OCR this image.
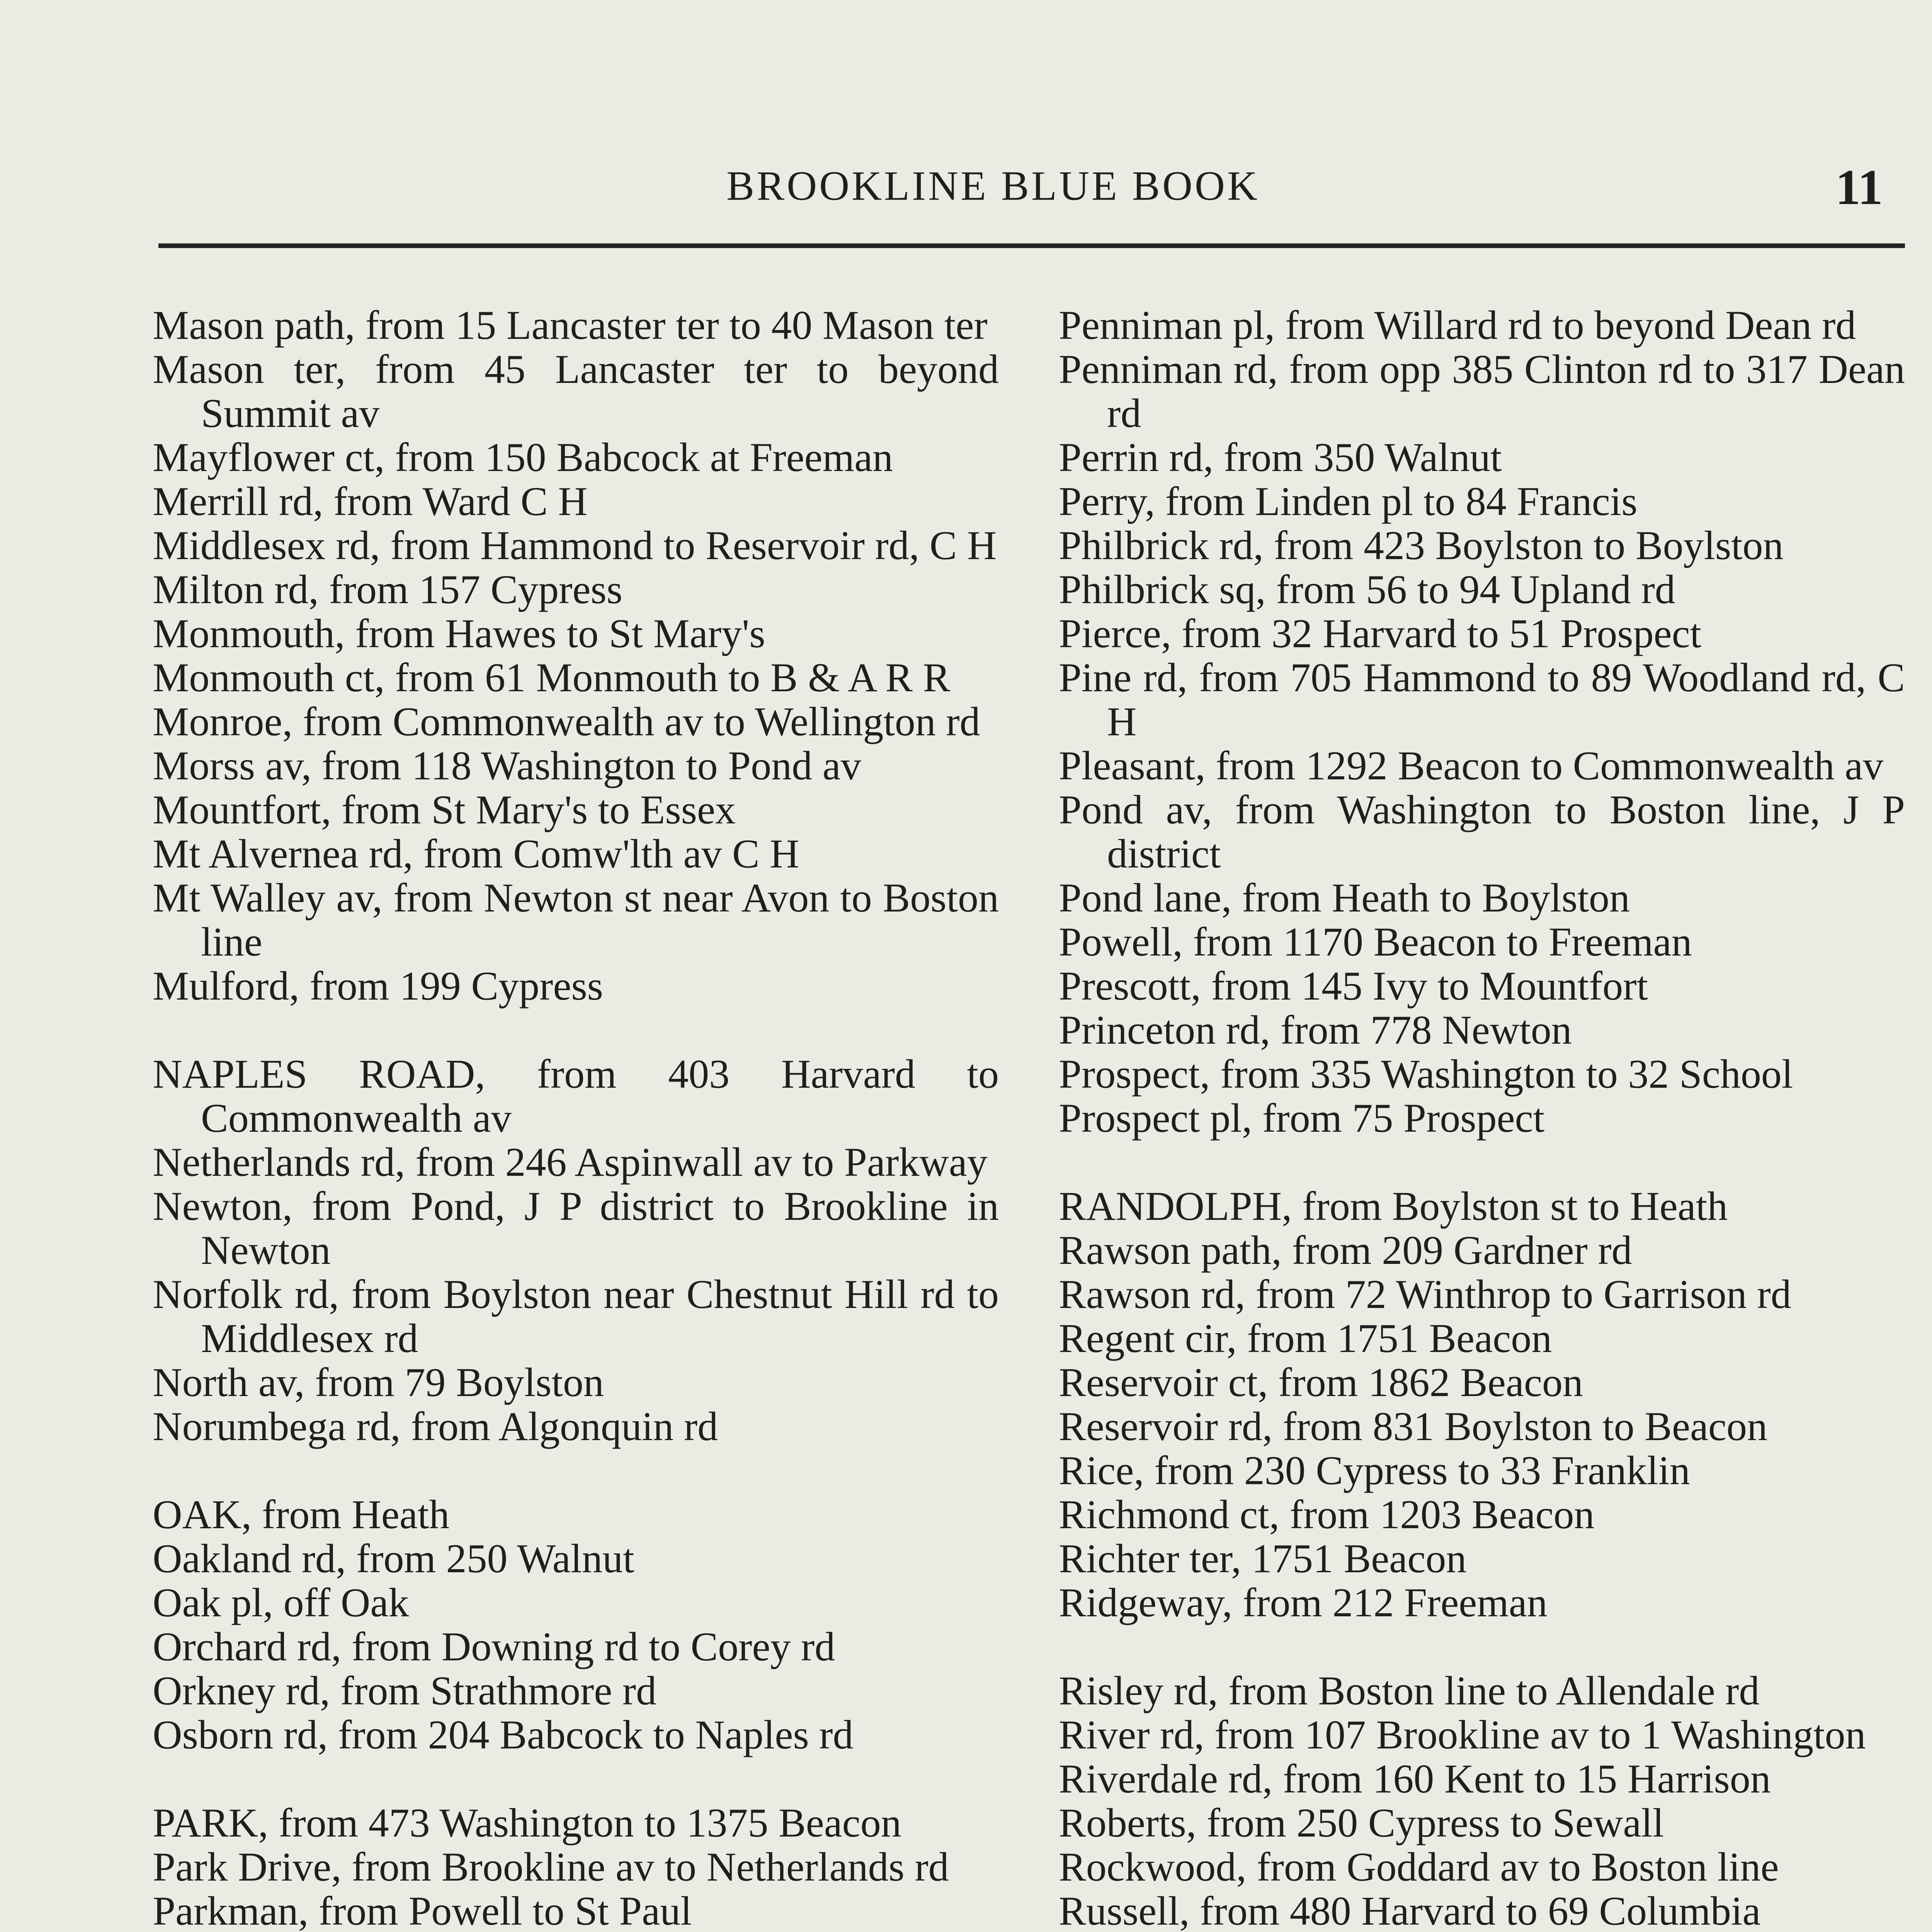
BROOKLINE BLUE BOOK	11

Mason path, from 15 Lancaster ter to 40 Mason ter

Mason ter, from 45 Lancaster ter to beyond Summit av

Mayflower ct, from 150 Babcock at Freeman

Merrill rd, from Ward C H

Middlesex rd, from Hammond to Reservoir rd, C H

Milton rd, from 157 Cypress

Monmouth, from Hawes to St Mary's

Monmouth ct, from 61 Monmouth to B & A R R

Monroe, from Commonwealth av to Wellington rd

Morss av, from 118 Washington to Pond av

Mountfort, from St Mary's to Essex

Mt Alvernea rd, from Comw'lth av C H

Mt Walley av, from Newton st near Avon to Boston line

Mulford, from 199 Cypress

NAPLES ROAD, from 403 Harvard to Commonwealth av

Netherlands rd, from 246 Aspinwall av to Parkway

Newton, from Pond, J P district to Brookline in Newton

Norfolk rd, from Boylston near Chestnut Hill rd to Middlesex rd

North av, from 79 Boylston

Norumbega rd, from Algonquin rd

OAK, from Heath

Oakland rd, from 250 Walnut

Oak pl, off Oak

Orchard rd, from Downing rd to Corey rd

Orkney rd, from Strathmore rd

Osborn rd, from 204 Babcock to Naples rd

PARK, from 473 Washington to 1375 Beacon

Park Drive, from Brookline av to Netherlands rd

Parkman, from Powell to St Paul

Penniman pl, from Willard rd to beyond Dean rd

Penniman rd, from opp 385 Clinton rd to 317 Dean rd

Perrin rd, from 350 Walnut

Perry, from Linden pl to 84 Francis

Philbrick rd, from 423 Boylston to Boylston

Philbrick sq, from 56 to 94 Upland rd

Pierce, from 32 Harvard to 51 Prospect

Pine rd, from 705 Hammond to 89 Woodland rd, C H

Pleasant, from 1292 Beacon to Commonwealth av

Pond av, from Washington to Boston line, J P district

Pond lane, from Heath to Boylston

Powell, from 1170 Beacon to Freeman

Prescott, from 145 Ivy to Mountfort

Princeton rd, from 778 Newton

Prospect, from 335 Washington to 32 School

Prospect pl, from 75 Prospect

RANDOLPH, from Boylston st to Heath

Rawson path, from 209 Gardner rd

Rawson rd, from 72 Winthrop to Garrison rd

Regent cir, from 1751 Beacon

Reservoir ct, from 1862 Beacon

Reservoir rd, from 831 Boylston to Beacon

Rice, from 230 Cypress to 33 Franklin

Richmond ct, from 1203 Beacon

Richter ter, 1751 Beacon

Ridgeway, from 212 Freeman

Risley rd, from Boston line to Allendale rd

River rd, from 107 Brookline av to 1 Washington

Riverdale rd, from 160 Kent to 15 Harrison

Roberts, from 250 Cypress to Sewall

Rockwood, from Goddard av to Boston line

Russell, from 480 Harvard to 69 Columbia
